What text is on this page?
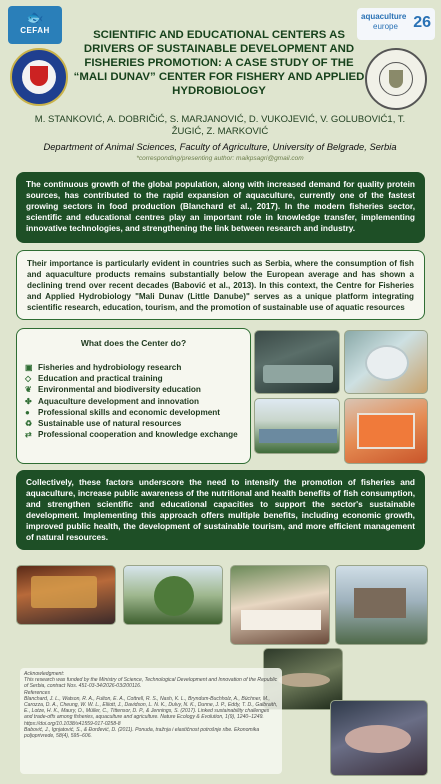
🐟
CEFAH
aquaculture
europe 26
SCIENTIFIC AND EDUCATIONAL CENTERS AS DRIVERS OF SUSTAINABLE DEVELOPMENT AND FISHERIES PROMOTION: A CASE STUDY OF THE “MALI DUNAV” CENTER FOR FISHERY AND APPLIED HYDROBIOLOGY
M. STANKOVIĆ, A. DOBRIČiĆ, S. MARJANOVIĆ, D. VUKOJEVIĆ, V. GOLUBOVIĆ1, T. ŽUGIĆ, Z. MARKOVIĆ
Department of Animal Sciences, Faculty of Agriculture, University of Belgrade, Serbia
*corresponding/presenting author: maikpsagri@gmail.com
The continuous growth of the global population, along with increased demand for quality protein sources, has contributed to the rapid expansion of aquaculture, currently one of the fastest growing sectors in food production (Blanchard et al., 2017). In the modern fisheries sector, scientific and educational centres play an important role in knowledge transfer, implementing innovative technologies, and strengthening the link between research and industry.
Their importance is particularly evident in countries such as Serbia, where the consumption of fish and aquaculture products remains substantially below the European average and has shown a declining trend over recent decades (Babović et al., 2013). In this context, the Centre for Fisheries and Applied Hydrobiology "Mali Dunav (Little Danube)" serves as a unique platform integrating scientific research, education, tourism, and the promotion of sustainable use of aquatic resources
What does the Center do?
▣ Fisheries and hydrobiology research
◇ Education and practical training
❦ Environmental and biodiversity education
✤ Aquaculture development and innovation
● Professional skills and economic development
♻ Sustainable use of natural resources
⇄ Professional cooperation and knowledge exchange
Collectively, these factors underscore the need to intensify the promotion of fisheries and aquaculture, increase public awareness of the nutritional and health benefits of fish consumption, and strengthen scientific and educational capacities to support the sector's sustainable development. Implementing this approach offers multiple benefits, including economic growth, improved public health, the development of sustainable tourism, and more efficient management of natural resources.
Acknowledgment:
This research was funded by the Ministry of Science, Technological Development and Innovation of the Republic of Serbia, contract Nos. 451-03-34/2026-03/200116.
References
Blanchard, J. L., Watson, R. A., Fulton, E. A., Cottrell, R. S., Nash, K. L., Bryndum-Buchholz, A., Büchner, M., Carozza, D. A., Cheung, W. W. L., Elliott, J., Davidson, L. N. K., Dulvy, N. K., Dunne, J. P., Eddy, T. D., Galbraith, E., Lotze, H. K., Maury, O., Müller, C., Tittensor, D. P., & Jennings, S. (2017). Linked sustainability challenges and trade-offs among fisheries, aquaculture and agriculture. Nature Ecology & Evolution, 1(9), 1240–1249. https://doi.org/10.1038/s41559-017-0258-8
Babović, J., Ignjatović, S., & Đorđević, D. (2011). Ponuda, tražnja i elastičnost potrošnje ribe. Ekonomika poljoprivrede, 58(4), 595–606.
